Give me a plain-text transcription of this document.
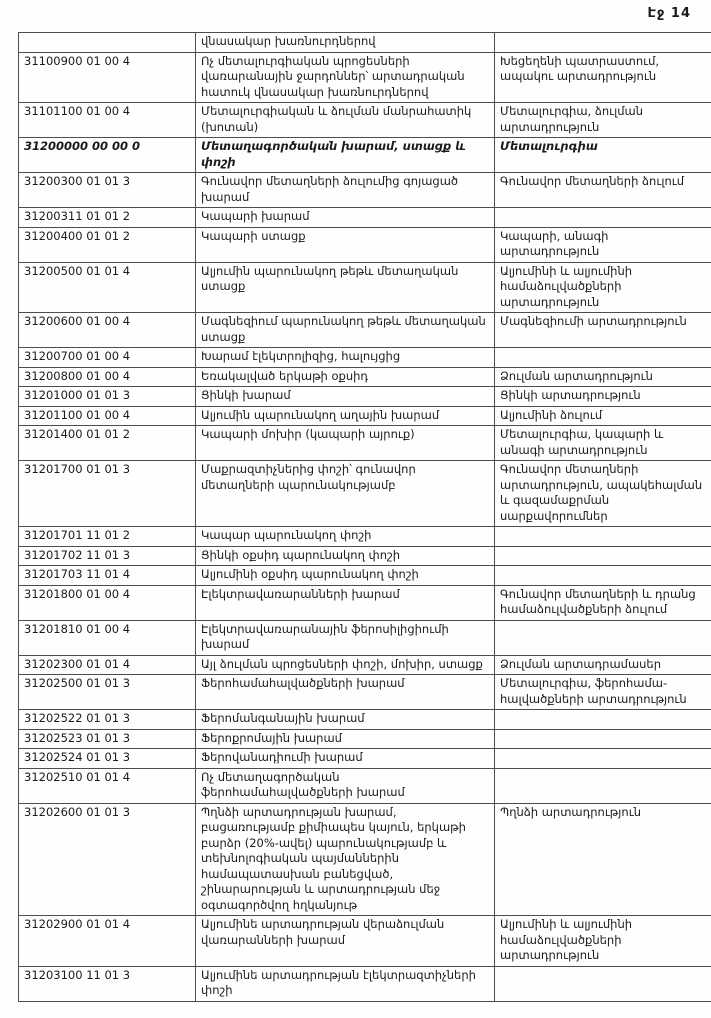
Էջ 14
	վնասակար խառնուրդներով	
31100900 01 00 4	Ոչ մետալուրգիական պրոցեսների վառարանային ջարդոններ՝ արտադրական հատուկ վնասակար խառնուրդներով	Խեցեղենի պատրաստում, ապակու արտադրություն
31101100 01 00 4	Մետալուրգիական և ձուլման մանրահատիկ (խոտան)	Մետալուրգիա, ձուլման արտադրություն
31200000 00 00 0	Մետաղագործական խարամ, ստացք և փոշի	Մետալուրգիա
31200300 01 01 3	Գունավոր մետաղների ձուլումից գոյացած խարամ	Գունավոր մետաղների ձուլում
31200311 01 01 2	Կապարի խարամ	
31200400 01 01 2	Կապարի ստացք	Կապարի, անագի արտադրություն
31200500 01 01 4	Ալյումին պարունակող թեթև մետաղական ստացք	Ալյումինի և ալյումինի համաձուլվածքների արտադրություն
31200600 01 00 4	Մագնեզիում պարունակող թեթև մետաղական ստացք	Մագնեզիումի արտադրություն
31200700 01 00 4	Խարամ էլեկտրոլիզից, հալույցից	
31200800 01 00 4	Եռակալված երկաթի օքսիդ	Ձուլման արտադրություն
31201000 01 01 3	Ցինկի խարամ	Ցինկի արտադրություն
31201100 01 00 4	Ալյումին պարունակող աղային խարամ	Ալյումինի ձուլում
31201400 01 01 2	Կապարի մոխիր (կապարի այրուք)	Մետալուրգիա, կապարի և անագի արտադրություն
31201700 01 01 3	Մաքրազտիչներից փոշի՝ գունավոր մետաղների պարունակությամբ	Գունավոր մետաղների արտադրություն, ապակեհալման և գազամաքրման սարքավորումներ
31201701 11 01 2	Կապար պարունակող փոշի	
31201702 11 01 3	Ցինկի օքսիդ պարունակող փոշի	
31201703 11 01 4	Ալյումինի օքսիդ պարունակող փոշի	
31201800 01 00 4	Էլեկտրավառարանների խարամ	Գունավոր մետաղների և դրանց համաձուլվածքների ձուլում
31201810 01 00 4	Էլեկտրավառարանային ֆերոսիլիցիումի խարամ	
31202300 01 01 4	Այլ ձուլման պրոցեսների փոշի, մոխիր, ստացք	Ձուլման արտադրամասեր
31202500 01 01 3	Ֆերոհամահալվածքների խարամ	Մետալուրգիա, ֆերոհամա-հալվածքների արտադրություն
31202522 01 01 3	Ֆերոմանգանային խարամ	
31202523 01 01 3	Ֆերոքրոմային խարամ	
31202524 01 01 3	Ֆերովանադիումի խարամ	
31202510 01 01 4	Ոչ մետաղագործական ֆերոհամահալվածքների խարամ	
31202600 01 01 3	Պղնձի արտադրության խարամ, բացառությամբ քիմիապես կայուն, երկաթի բարձր (20%-ավել) պարունակությամբ և տեխնոլոգիական պայմաններին համապատասխան բանեցված, շինարարության և արտադրության մեջ օգտագործվող հղկանյութ	Պղնձի արտադրություն
31202900 01 01 4	Ալյումինե արտադրության վերաձուլման վառարանների խարամ	Ալյումինի և ալյումինի համաձուլվածքների արտադրություն
31203100 11 01 3	Ալյումինե արտադրության էլեկտրազտիչների փոշի	
